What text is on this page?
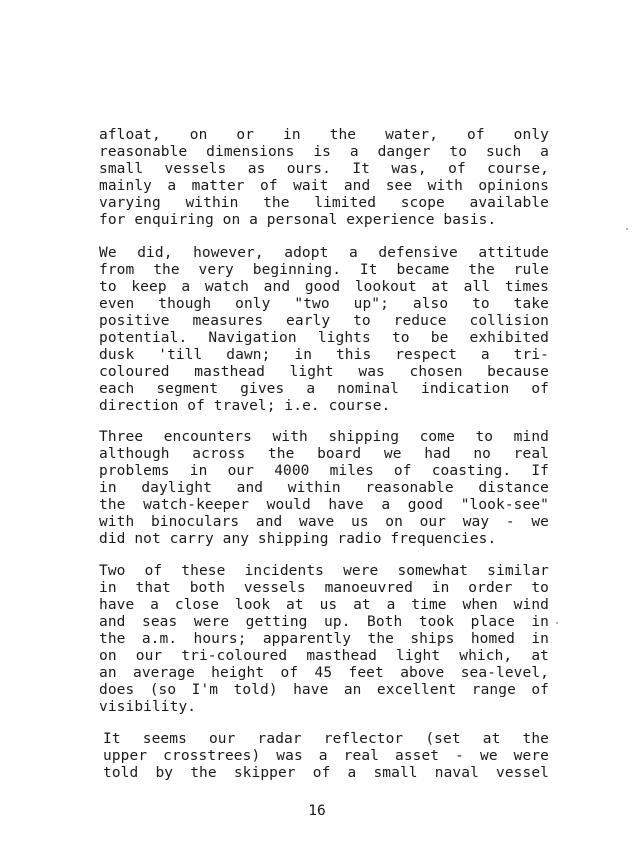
afloat, on or in the water, of only
reasonable dimensions is a danger to such a
small vessels as ours. It was, of course,
mainly a matter of wait and see with opinions
varying within the limited scope available
for enquiring on a personal experience basis.
We did, however, adopt a defensive attitude
from the very beginning. It became the rule
to keep a watch and good lookout at all times
even though only "two up"; also to take
positive measures early to reduce collision
potential. Navigation lights to be exhibited
dusk 'till dawn; in this respect a tri-
coloured masthead light was chosen because
each segment gives a nominal indication of
direction of travel; i.e. course.
Three encounters with shipping come to mind
although across the board we had no real
problems in our 4000 miles of coasting. If
in daylight and within reasonable distance
the watch-keeper would have a good "look-see"
with binoculars and wave us on our way - we
did not carry any shipping radio frequencies.
Two of these incidents were somewhat similar
in that both vessels manoeuvred in order to
have a close look at us at a time when wind
and seas were getting up. Both took place in
the a.m. hours; apparently the ships homed in
on our tri-coloured masthead light which, at
an average height of 45 feet above sea-level,
does (so I'm told) have an excellent range of
visibility.
It seems our radar reflector (set at the
upper crosstrees) was a real asset - we were
told by the skipper of a small naval vessel
16
